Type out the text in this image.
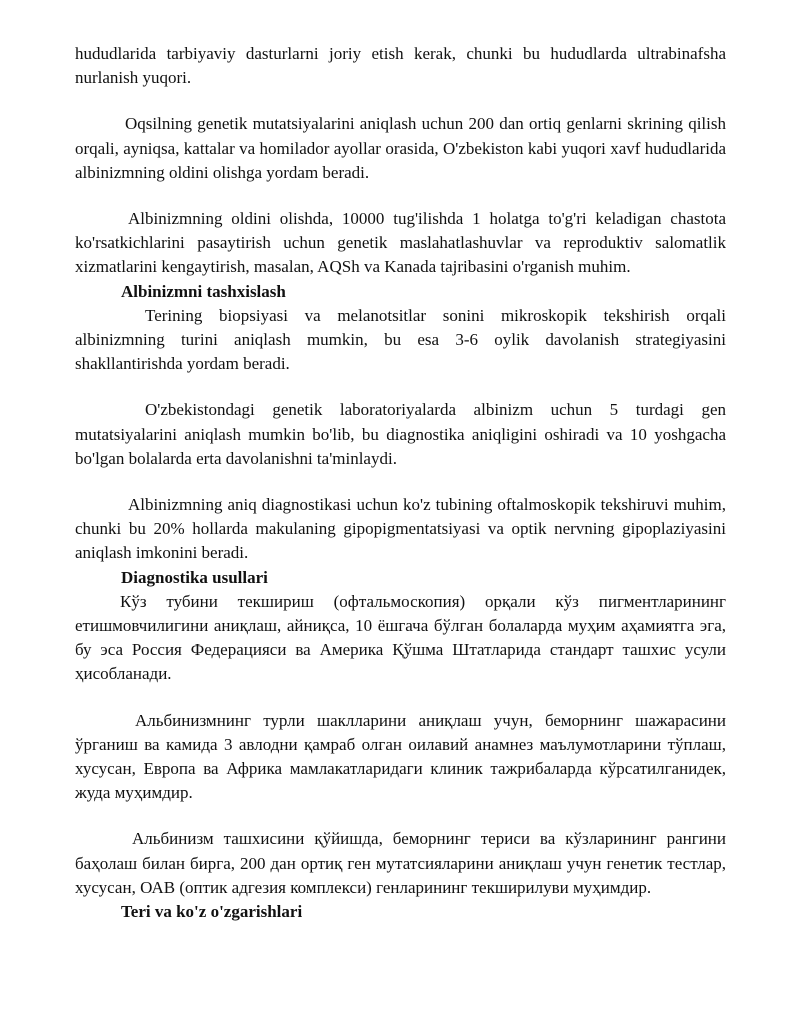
hududlarida tarbiyaviy dasturlarni joriy etish kerak, chunki bu hududlarda ultrabinafsha nurlanish yuqori.

Oqsilning genetik mutatsiyalarini aniqlash uchun 200 dan ortiq genlarni skrining qilish orqali, ayniqsa, kattalar va homilador ayollar orasida, O'zbekiston kabi yuqori xavf hududlarida albinizmning oldini olishga yordam beradi.

Albinizmning oldini olishda, 10000 tug'ilishda 1 holatga to'g'ri keladigan chastota ko'rsatkichlarini pasaytirish uchun genetik maslahatlashuvlar va reproduktiv salomatlik xizmatlarini kengaytirish, masalan, AQSh va Kanada tajribasini o'rganish muhim.

Albinizmni tashxislash

Terining biopsiyasi va melanotsitlar sonini mikroskopik tekshirish orqali albinizmning turini aniqlash mumkin, bu esa 3-6 oylik davolanish strategiyasini shakllantirishda yordam beradi.

O'zbekistondagi genetik laboratoriyalarda albinizm uchun 5 turdagi gen mutatsiyalarini aniqlash mumkin bo'lib, bu diagnostika aniqligini oshiradi va 10 yoshgacha bo'lgan bolalarda erta davolanishni ta'minlaydi.

Albinizmning aniq diagnostikasi uchun ko'z tubining oftalmoskopik tekshiruvi muhim, chunki bu 20% hollarda makulaning gipopigmentatsiyasi va optik nervning gipoplaziyasini aniqlash imkonini beradi.

Diagnostika usullari

Кўз тубини текшириш (офтальмоскопия) орқали кўз пигментларининг етишмовчилигини аниқлаш, айниқса, 10 ёшгача бўлган болаларда муҳим аҳамиятга эга, бу эса Россия Федерацияси ва Америка Қўшма Штатларида стандарт ташхис усули ҳисобланади.

Альбинизмнинг турли шаклларини аниқлаш учун, беморнинг шажарасини ўрганиш ва камида 3 авлодни қамраб олган оилавий анамнез маълумотларини тўплаш, хусусан, Европа ва Африка мамлакатларидаги клиник тажрибаларда кўрсатилганидек, жуда муҳимдир.

Альбинизм ташхисини қўйишда, беморнинг териси ва кўзларининг рангини баҳолаш билан бирга, 200 дан ортиқ ген мутатсияларини аниқлаш учун генетик тестлар, хусусан, ОАВ (оптик адгезия комплекси) генларининг текширилуви муҳимдир.

Teri va ko'z o'zgarishlari
